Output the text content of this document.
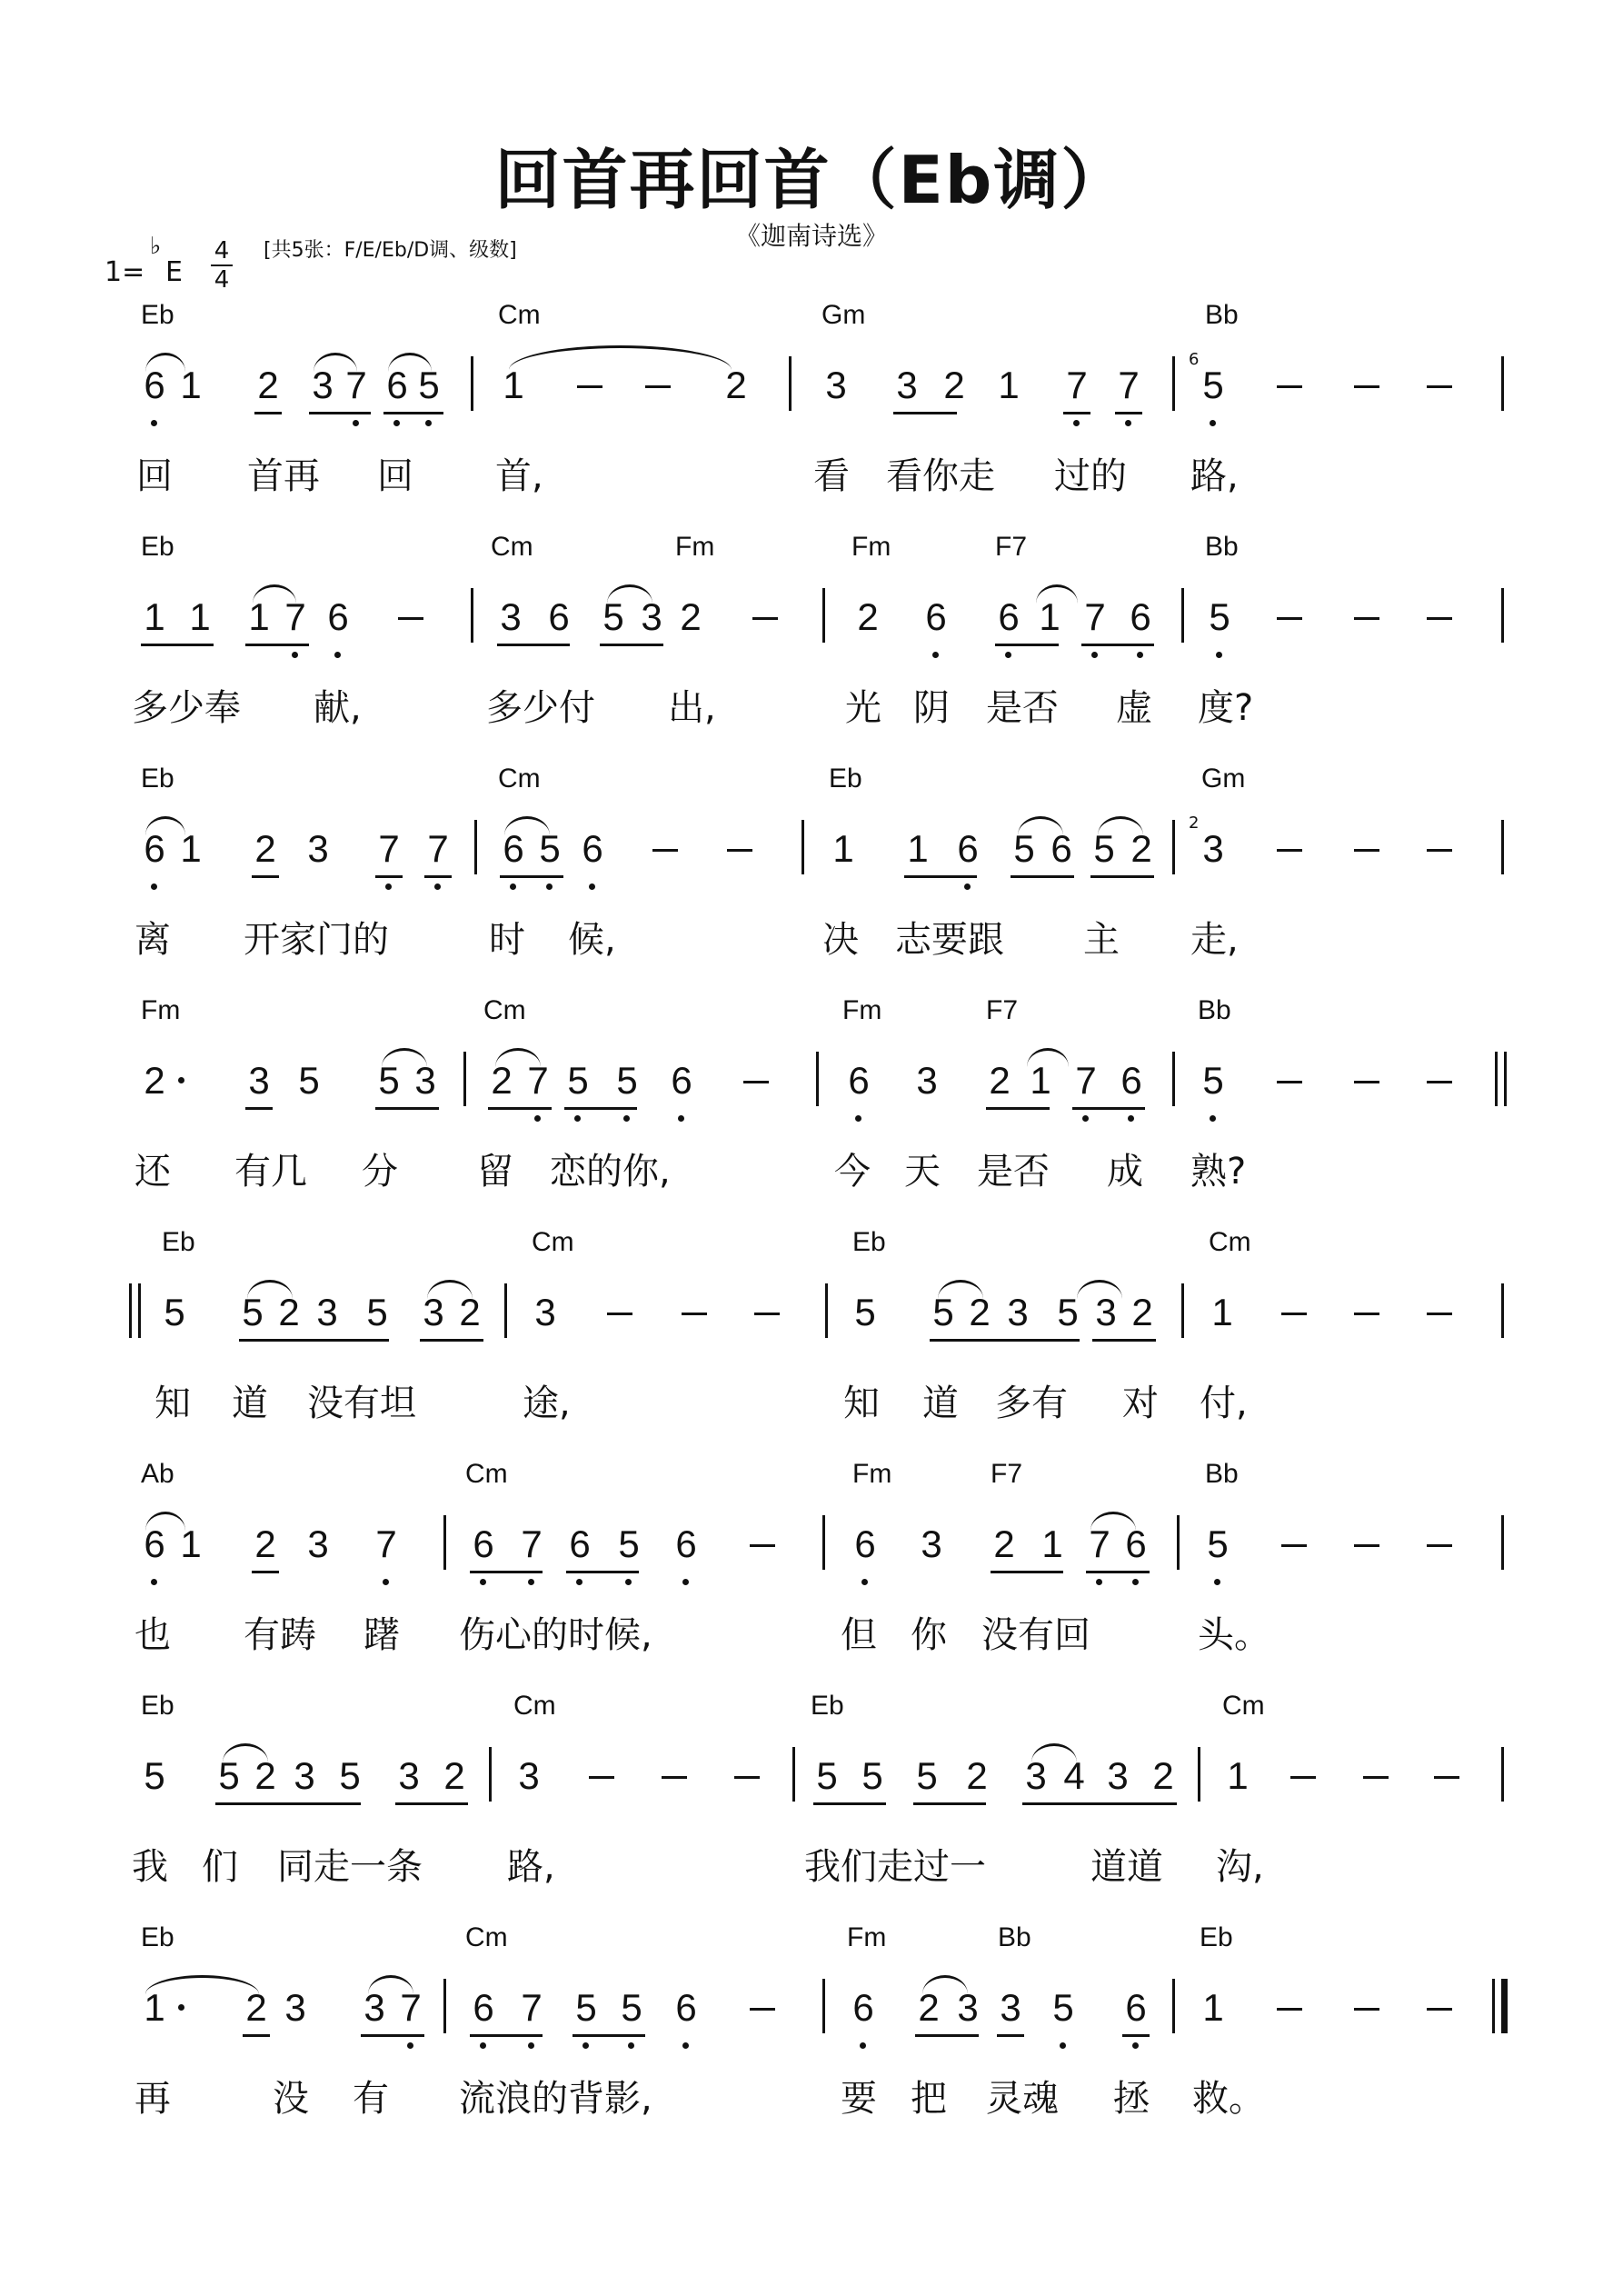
回首再回首（Eb调）
《迦南诗选》
1=
♭
E
4
4
[共5张：F/E/Eb/D调、级数]
Eb	Cm	Gm	Bb
6 1 2 3 7 6 5 1	2 3 3 2 1 7 7
6
5
回 首再 回 首,	看 看你走 过的 路,
Eb	Cm	Fm	Fm	F7	Bb
1 1 1 7 6	3 6 5 3 2	2 6 6 1 7 6 5
多少奉 献,	多少付 出,	光 阴 是否 虚 度?
Eb	Cm	Eb	Gm
6 1 2 3 7 7 6 5 6	1 1 6 5 6 5 2
2
3
离 开家门的	时 候,	决 志要跟 主 走,
Fm	Cm	Fm	F7	Bb
2 3 5 5 3 2 7 5 5 6	6 3 2 1 7 6 5
还 有几 分 留 恋的你,	今 天 是否 成 熟?
Eb	Cm	Eb	Cm
5 5 2 3 5 3 2 3	5 5 2 3 5 3 2 1
知 道 没有坦	途,	知 道 多有 对 付,
Ab	Cm	Fm	F7	Bb
6 1 2 3 7 6 7 6 5 6	6 3 2 1 7 6 5
也 有踌 躇 伤心的时候,	但 你 没有回	头。
Eb	Cm	Eb	Cm
5 5 2 3 5 3 2 3	5 5 5 2 3 4 3 2 1
我 们 同走一条 路,	我们走过一	道道 沟,
Eb	Cm	Fm	Bb	Eb
1 2 3 3 7 6 7 5 5 6	6 2 3 3 5 6 1
再	没 有 流浪的背影,	要 把 灵魂 拯 救。
